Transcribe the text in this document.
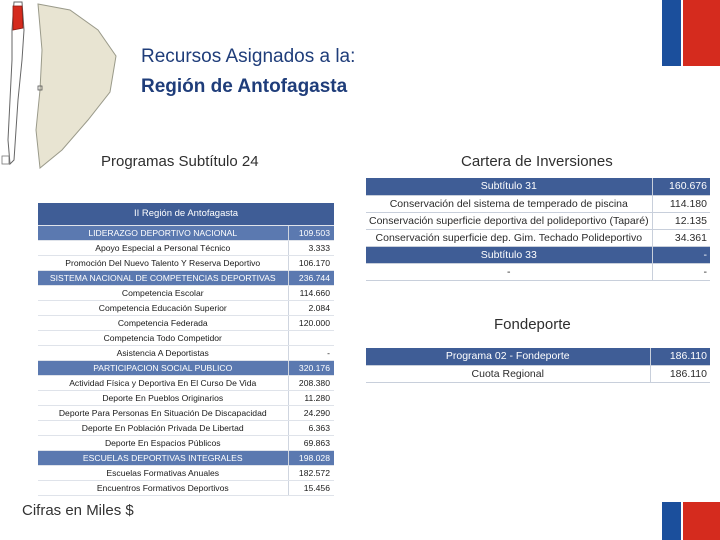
Recursos Asignados a la:
Región de Antofagasta
Programas Subtítulo 24	Cartera de Inversiones
Fondeporte
II Región de Antofagasta	
LIDERAZGO DEPORTIVO NACIONAL	109.503
Apoyo Especial a Personal Técnico	3.333
Promoción Del Nuevo Talento Y Reserva Deportivo	106.170
SISTEMA NACIONAL DE COMPETENCIAS DEPORTIVAS	236.744
Competencia Escolar	114.660
Competencia Educación Superior	2.084
Competencia Federada	120.000
Competencia Todo Competidor	
Asistencia A Deportistas	-
PARTICIPACION SOCIAL PUBLICO	320.176
Actividad Física y Deportiva En El Curso De Vida	208.380
Deporte En Pueblos Originarios	11.280
Deporte Para Personas En Situación De Discapacidad	24.290
Deporte En Población Privada De Libertad	6.363
Deporte En Espacios Públicos	69.863
ESCUELAS DEPORTIVAS INTEGRALES	198.028
Escuelas Formativas Anuales	182.572
Encuentros Formativos Deportivos	15.456
Subtítulo 31	160.676
Conservación del sistema de temperado de piscina	114.180
Conservación superficie deportiva del polideportivo (Taparé)	12.135
Conservación superficie dep. Gim. Techado Polideportivo	34.361
Subtítulo 33	-
-	-
Programa 02 - Fondeporte	186.110
Cuota Regional	186.110
Cifras en Miles $
